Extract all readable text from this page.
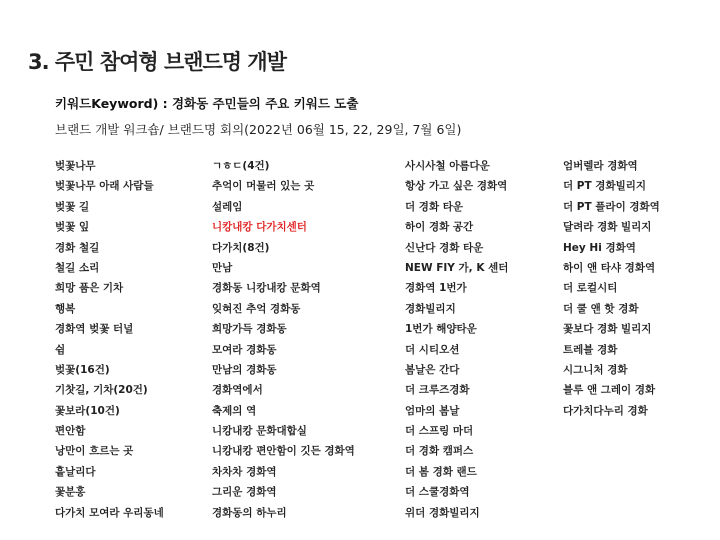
3. 주민 참여형 브랜드명 개발
키워드Keyword) : 경화동 주민들의 주요 키워드 도출
브랜드 개발 워크숍/ 브랜드명 회의(2022년 06월 15, 22, 29일, 7월 6일)
벚꽃나무
벚꽃나무 아래 사람들
벚꽃 길
벚꽃 잎
경화 철길
철길 소리
희망 품은 기차
행복
경화역 벚꽃 터널
쉼
벚꽃(16건)
기찻길, 기차(20건)
꽃보라(10건)
편안함
낭만이 흐르는 곳
흩날리다
꽃분홍
다가치 모여라 우리동네
ㄱㅎㄷ(4건)
추억이 머물러 있는 곳
설레임
니캉내캉 다가치센터
다가치(8건)
만남
경화동 니캉내캉 문화역
잊혀진 추억 경화동
희망가득 경화동
모여라 경화동
만남의 경화동
경화역에서
축제의 역
니캉내캉 문화대합실
니캉내캉 편안함이 깃든 경화역
차차차 경화역
그리운 경화역
경화동의 하누리
사시사철 아름다운
항상 가고 싶은 경화역
더 경화 타운
하이 경화 공간
신난다 경화 타운
NEW FIY 가, K 센터
경화역 1번가
경화빌리지
1번가 해양타운
더 시티오션
봄날은 간다
더 크루즈경화
엄마의 봄날
더 스프링 마더
더 경화 캠퍼스
더 봄 경화 랜드
더 스쿨경화역
위더 경화빌리지
엄버렐라 경화역
더 PT 경화빌리지
더 PT 플라이 경화역
달려라 경화 빌리지
Hey Hi 경화역
하이 앤 타샤 경화역
더 로컬시티
더 쿨 앤 핫 경화
꽃보다 경화 빌리지
트레블 경화
시그니처 경화
블루 앤 그레이 경화
다가치다누리 경화
